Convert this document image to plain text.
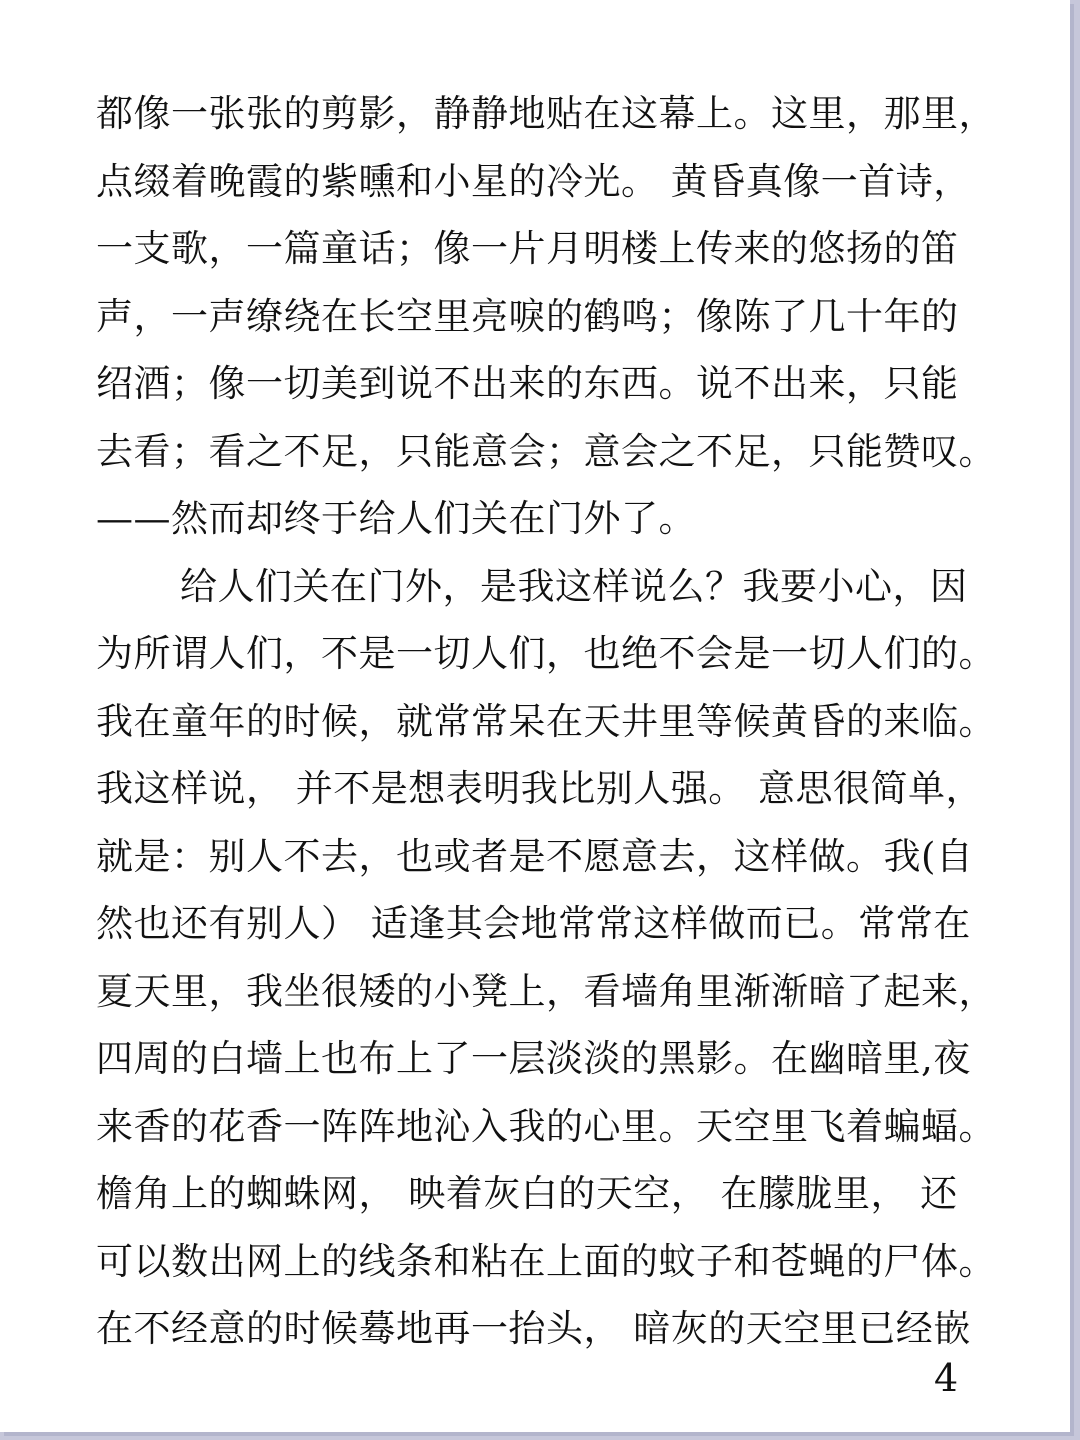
都像一张张的剪影，静静地贴在这幕上。这里，那里，
点缀着晚霞的紫曛和小星的冷光。 黄昏真像一首诗，
一支歌，一篇童话；像一片月明楼上传来的悠扬的笛
声，一声缭绕在长空里亮唳的鹤鸣；像陈了几十年的
绍酒；像一切美到说不出来的东西。说不出来，只能
去看；看之不足，只能意会；意会之不足，只能赞叹。
——然而却终于给人们关在门外了。
给人们关在门外，是我这样说么？我要小心，因
为所谓人们，不是一切人们，也绝不会是一切人们的。
我在童年的时候，就常常呆在天井里等候黄昏的来临。
我这样说， 并不是想表明我比别人强。 意思很简单，
就是：别人不去，也或者是不愿意去，这样做。我(自
然也还有别人） 适逢其会地常常这样做而已。常常在
夏天里，我坐很矮的小凳上，看墙角里渐渐暗了起来，
四周的白墙上也布上了一层淡淡的黑影。在幽暗里,夜
来香的花香一阵阵地沁入我的心里。天空里飞着蝙蝠。
檐角上的蜘蛛网， 映着灰白的天空， 在朦胧里， 还
可以数出网上的线条和粘在上面的蚊子和苍蝇的尸体。
在不经意的时候蓦地再一抬头， 暗灰的天空里已经嵌
4
